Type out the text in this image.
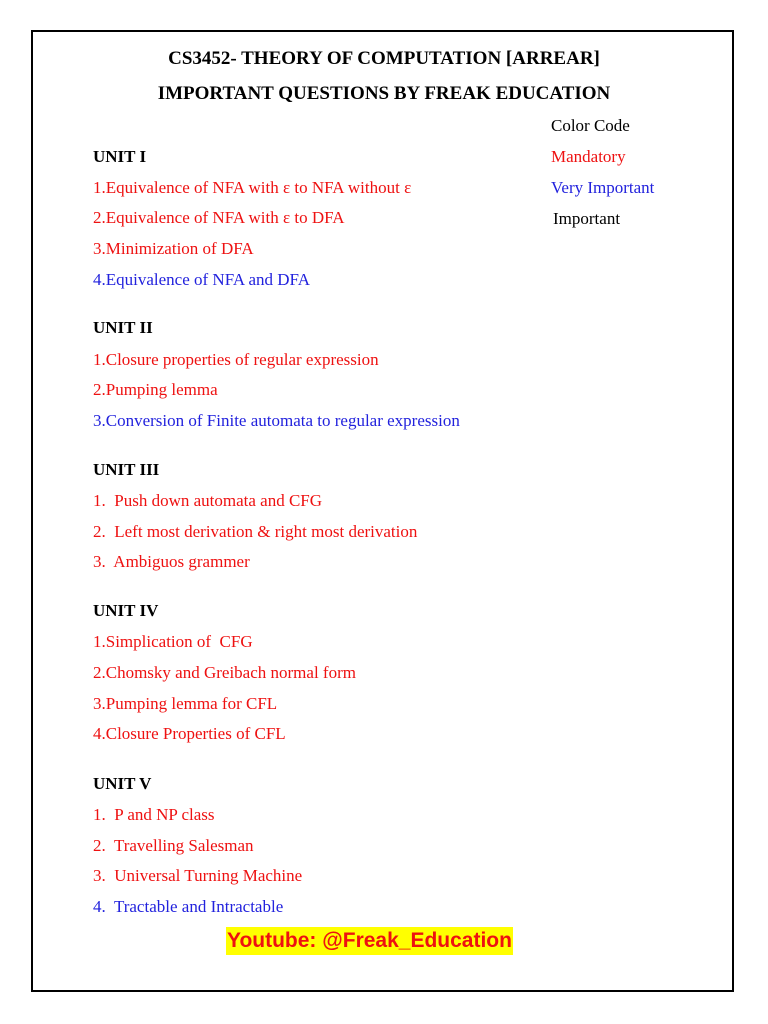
CS3452- THEORY OF COMPUTATION [ARREAR]
IMPORTANT QUESTIONS BY FREAK EDUCATION
Color Code
Mandatory
Very Important
Important
UNIT I
1.Equivalence of NFA with ε to NFA without ε
2.Equivalence of NFA with ε to DFA
3.Minimization of DFA
4.Equivalence of NFA and DFA
UNIT II
1.Closure properties of regular expression
2.Pumping lemma
3.Conversion of Finite automata to regular expression
UNIT III
1.  Push down automata and CFG
2.  Left most derivation & right most derivation
3.  Ambiguos grammer
UNIT IV
1.Simplication of  CFG
2.Chomsky and Greibach normal form
3.Pumping lemma for CFL
4.Closure Properties of CFL
UNIT V
1.  P and NP class
2.  Travelling Salesman
3.  Universal Turning Machine
4.  Tractable and Intractable
Youtube: @Freak_Education
